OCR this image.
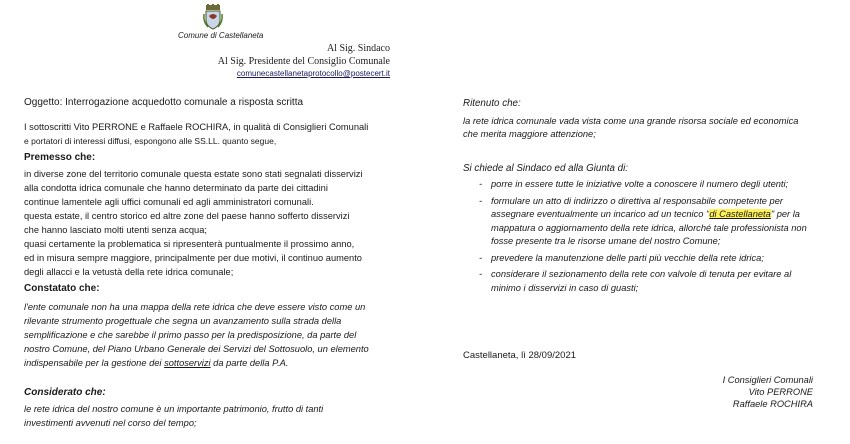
Comune di Castellaneta
Al Sig. Sindaco
Al Sig. Presidente del Consiglio Comunale
comunecastellanetaprotocollo@postecert.it
Oggetto: Interrogazione acquedotto comunale a risposta scritta

I sottoscritti Vito PERRONE e Raffaele ROCHIRA, in qualità di Consiglieri Comunali

e portatori di interessi diffusi, espongono alle SS.LL. quanto segue,

Premesso che:

in diverse zone del territorio comunale questa estate sono stati segnalati disservizi

alla condotta idrica comunale che hanno determinato da parte dei cittadini

continue lamentele agli uffici comunali ed agli amministratori comunali.

questa estate, il centro storico ed altre zone del paese hanno sofferto disservizi

che hanno lasciato molti utenti senza acqua;

quasi certamente la problematica si ripresenterà puntualmente il prossimo anno,

ed in misura sempre maggiore, principalmente per due motivi, il continuo aumento

degli allacci e la vetustà della rete idrica comunale;

Constatato che:

l'ente comunale non ha una mappa della rete idrica che deve essere visto come un

rilevante strumento progettuale che segna un avanzamento sulla strada della

semplificazione e che sarebbe il primo passo per la predisposizione, da parte del

nostro Comune, del Piano Urbano Generale dei Servizi del Sottosuolo, un elemento

indispensabile per la gestione dei sottoservizi da parte della P.A.

Considerato che:

le rete idrica del nostro comune è un importante patrimonio, frutto di tanti

investimenti avvenuti nel corso del tempo;

Ritenuto che:

la rete idrica comunale vada vista come una grande risorsa sociale ed economica

che merita maggiore attenzione;

Si chiede al Sindaco ed alla Giunta di:

- porre in essere tutte le iniziative volte a conoscere il numero degli utenti;
- formulare un atto di indirizzo o direttiva al responsabile competente per
assegnare eventualmente un incarico ad un tecnico "di Castellaneta" per la
mappatura o aggiornamento della rete idrica, allorché tale professionista non
fosse presente tra le risorse umane del nostro Comune;
- prevedere la manutenzione delle parti più vecchie della rete idrica;
- considerare il sezionamento della rete con valvole di tenuta per evitare al
minimo i disservizi in caso di guasti;
Castellaneta, lì 28/09/2021
I Consiglieri Comunali
Vito PERRONE
Raffaele ROCHIRA
